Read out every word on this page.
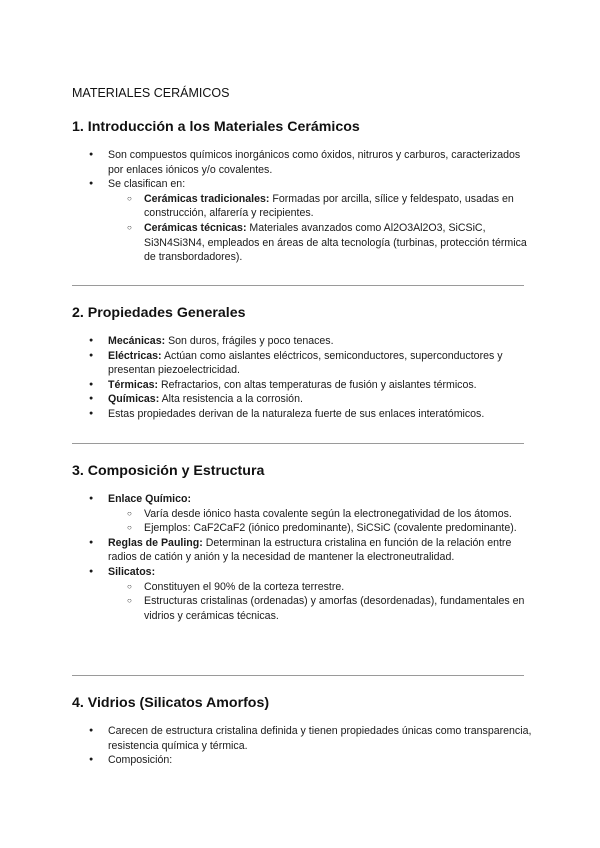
MATERIALES CERÁMICOS
1. Introducción a los Materiales Cerámicos
● Son compuestos químicos inorgánicos como óxidos, nitruros y carburos, caracterizados por enlaces iónicos y/o covalentes.
● Se clasifican en:
○ Cerámicas tradicionales: Formadas por arcilla, sílice y feldespato, usadas en construcción, alfarería y recipientes.
○ Cerámicas técnicas: Materiales avanzados como Al2O3Al2O3, SiCSiC, Si3N4Si3N4, empleados en áreas de alta tecnología (turbinas, protección térmica de transbordadores).
2. Propiedades Generales
● Mecánicas: Son duros, frágiles y poco tenaces.
● Eléctricas: Actúan como aislantes eléctricos, semiconductores, superconductores y presentan piezoelectricidad.
● Térmicas: Refractarios, con altas temperaturas de fusión y aislantes térmicos.
● Químicas: Alta resistencia a la corrosión.
● Estas propiedades derivan de la naturaleza fuerte de sus enlaces interatómicos.
3. Composición y Estructura
● Enlace Químico:
○ Varía desde iónico hasta covalente según la electronegatividad de los átomos.
○ Ejemplos: CaF2CaF2 (iónico predominante), SiCSiC (covalente predominante).
● Reglas de Pauling: Determinan la estructura cristalina en función de la relación entre radios de catión y anión y la necesidad de mantener la electroneutralidad.
● Silicatos:
○ Constituyen el 90% de la corteza terrestre.
○ Estructuras cristalinas (ordenadas) y amorfas (desordenadas), fundamentales en vidrios y cerámicas técnicas.
4. Vidrios (Silicatos Amorfos)
● Carecen de estructura cristalina definida y tienen propiedades únicas como transparencia, resistencia química y térmica.
● Composición:
